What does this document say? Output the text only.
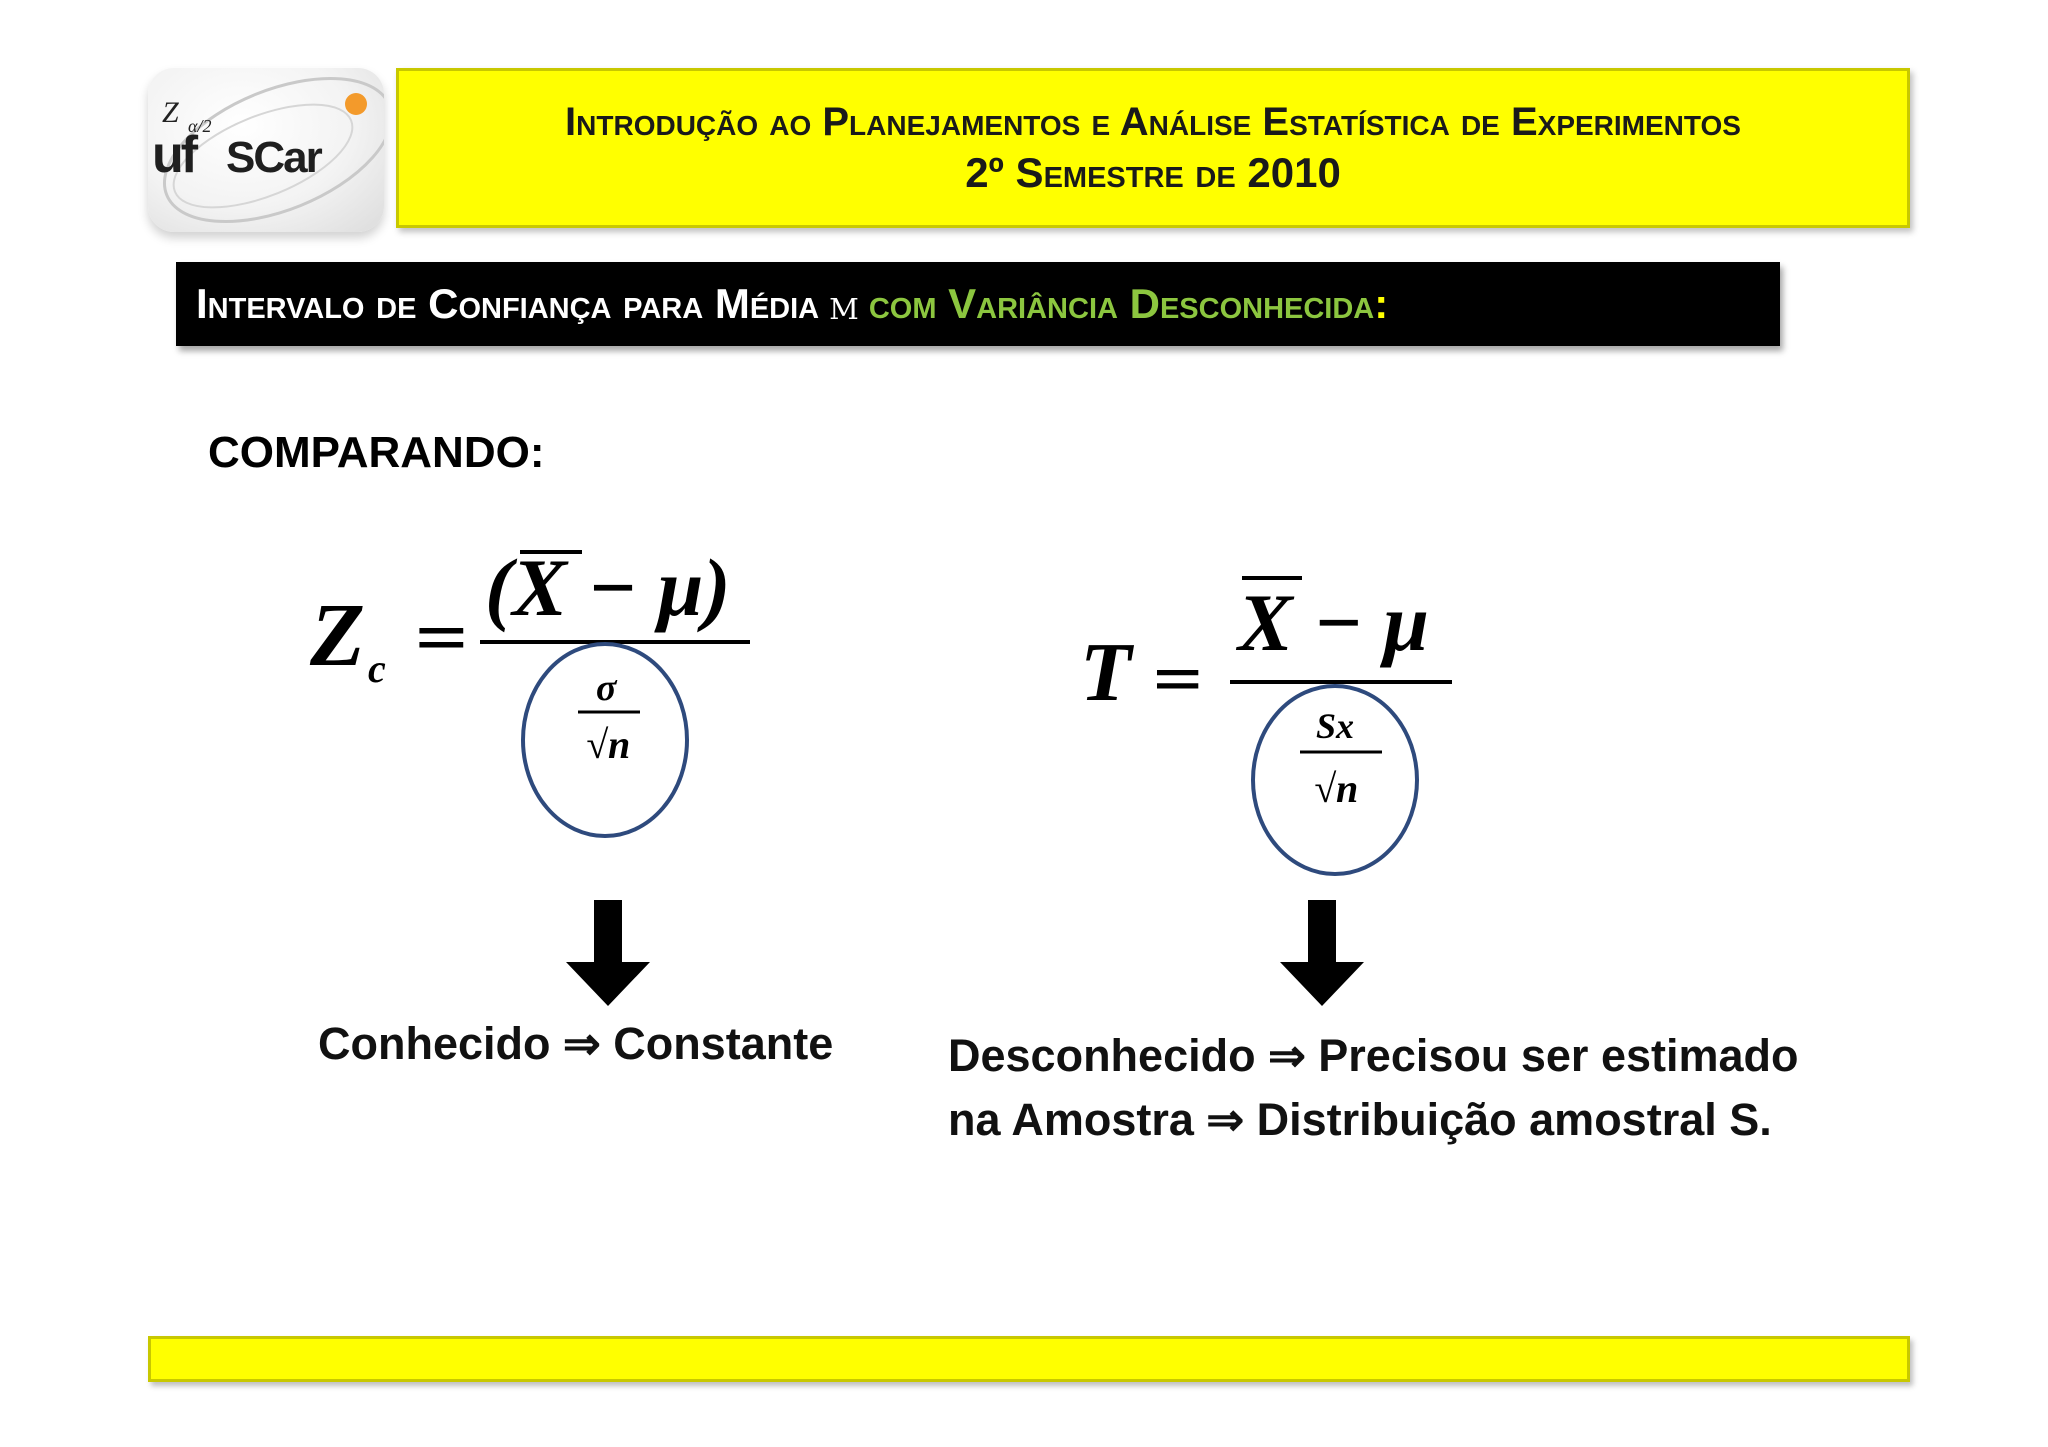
Z α/2
uf SCar
Introdução ao Planejamentos e Análise Estatística de Experimentos
2º Semestre de 2010
Intervalo de Confiança para Média μ com Variância Desconhecida :
COMPARANDO:
Z c =
(X − μ)
σ
√n
T =
X − μ
Sx
√n
Conhecido ⇒ Constante	Desconhecido ⇒ Precisou ser estimado
na Amostra ⇒ Distribuição amostral S.
